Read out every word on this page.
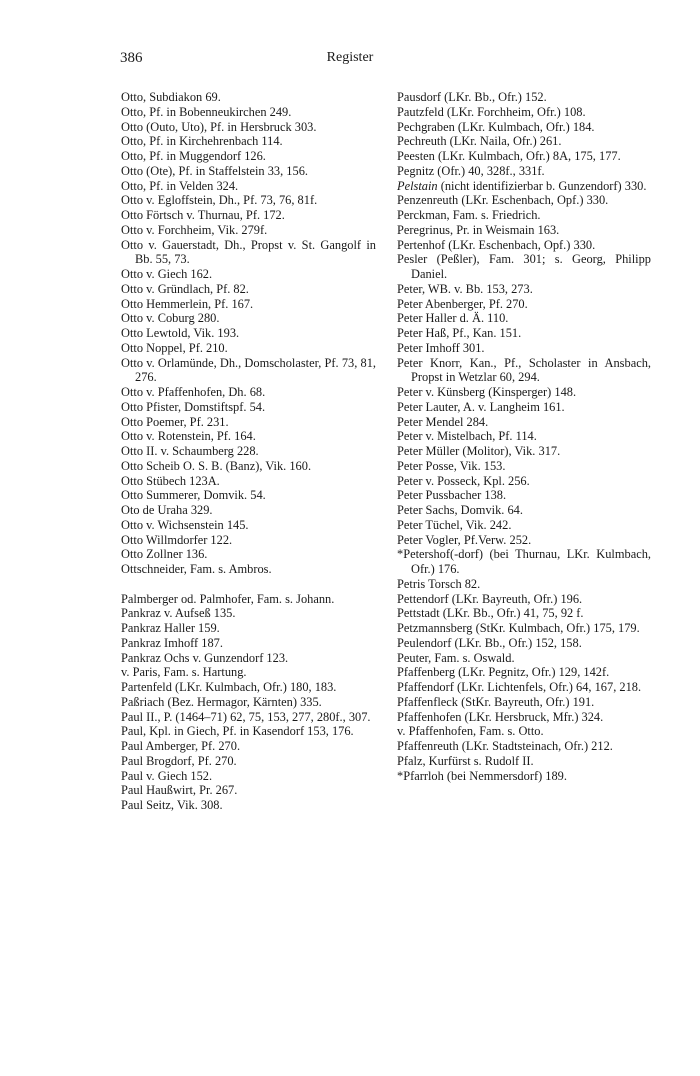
386	Register
Otto, Subdiakon 69.
Otto, Pf. in Bobenneukirchen 249.
Otto (Outo, Uto), Pf. in Hersbruck 303.
Otto, Pf. in Kirchehrenbach 114.
Otto, Pf. in Muggendorf 126.
Otto (Ote), Pf. in Staffelstein 33, 156.
Otto, Pf. in Velden 324.
Otto v. Egloffstein, Dh., Pf. 73, 76, 81f.
Otto Förtsch v. Thurnau, Pf. 172.
Otto v. Forchheim, Vik. 279f.
Otto v. Gauerstadt, Dh., Propst v. St. Gangolf in Bb. 55, 73.
Otto v. Giech 162.
Otto v. Gründlach, Pf. 82.
Otto Hemmerlein, Pf. 167.
Otto v. Coburg 280.
Otto Lewtold, Vik. 193.
Otto Noppel, Pf. 210.
Otto v. Orlamünde, Dh., Domscholaster, Pf. 73, 81, 276.
Otto v. Pfaffenhofen, Dh. 68.
Otto Pfister, Domstiftspf. 54.
Otto Poemer, Pf. 231.
Otto v. Rotenstein, Pf. 164.
Otto II. v. Schaumberg 228.
Otto Scheib O. S. B. (Banz), Vik. 160.
Otto Stübech 123A.
Otto Summerer, Domvik. 54.
Oto de Uraha 329.
Otto v. Wichsenstein 145.
Otto Willmdorfer 122.
Otto Zollner 136.
Ottschneider, Fam. s. Ambros.
Palmberger od. Palmhofer, Fam. s. Johann.
Pankraz v. Aufseß 135.
Pankraz Haller 159.
Pankraz Imhoff 187.
Pankraz Ochs v. Gunzendorf 123.
v. Paris, Fam. s. Hartung.
Partenfeld (LKr. Kulmbach, Ofr.) 180, 183.
Paßriach (Bez. Hermagor, Kärnten) 335.
Paul II., P. (1464–71) 62, 75, 153, 277, 280f., 307.
Paul, Kpl. in Giech, Pf. in Kasendorf 153, 176.
Paul Amberger, Pf. 270.
Paul Brogdorf, Pf. 270.
Paul v. Giech 152.
Paul Haußwirt, Pr. 267.
Paul Seitz, Vik. 308.
Pausdorf (LKr. Bb., Ofr.) 152.
Pautzfeld (LKr. Forchheim, Ofr.) 108.
Pechgraben (LKr. Kulmbach, Ofr.) 184.
Pechreuth (LKr. Naila, Ofr.) 261.
Peesten (LKr. Kulmbach, Ofr.) 8A, 175, 177.
Pegnitz (Ofr.) 40, 328f., 331f.
Pelstain (nicht identifizierbar b. Gunzendorf) 330.
Penzenreuth (LKr. Eschenbach, Opf.) 330.
Perckman, Fam. s. Friedrich.
Peregrinus, Pr. in Weismain 163.
Pertenhof (LKr. Eschenbach, Opf.) 330.
Pesler (Peßler), Fam. 301; s. Georg, Philipp Daniel.
Peter, WB. v. Bb. 153, 273.
Peter Abenberger, Pf. 270.
Peter Haller d. Ä. 110.
Peter Haß, Pf., Kan. 151.
Peter Imhoff 301.
Peter Knorr, Kan., Pf., Scholaster in Ansbach, Propst in Wetzlar 60, 294.
Peter v. Künsberg (Kinsperger) 148.
Peter Lauter, A. v. Langheim 161.
Peter Mendel 284.
Peter v. Mistelbach, Pf. 114.
Peter Müller (Molitor), Vik. 317.
Peter Posse, Vik. 153.
Peter v. Posseck, Kpl. 256.
Peter Pussbacher 138.
Peter Sachs, Domvik. 64.
Peter Tüchel, Vik. 242.
Peter Vogler, Pf.Verw. 252.
*Petershof(-dorf) (bei Thurnau, LKr. Kulmbach, Ofr.) 176.
Petris Torsch 82.
Pettendorf (LKr. Bayreuth, Ofr.) 196.
Pettstadt (LKr. Bb., Ofr.) 41, 75, 92 f.
Petzmannsberg (StKr. Kulmbach, Ofr.) 175, 179.
Peulendorf (LKr. Bb., Ofr.) 152, 158.
Peuter, Fam. s. Oswald.
Pfaffenberg (LKr. Pegnitz, Ofr.) 129, 142f.
Pfaffendorf (LKr. Lichtenfels, Ofr.) 64, 167, 218.
Pfaffenfleck (StKr. Bayreuth, Ofr.) 191.
Pfaffenhofen (LKr. Hersbruck, Mfr.) 324.
v. Pfaffenhofen, Fam. s. Otto.
Pfaffenreuth (LKr. Stadtsteinach, Ofr.) 212.
Pfalz, Kurfürst s. Rudolf II.
*Pfarrloh (bei Nemmersdorf) 189.
